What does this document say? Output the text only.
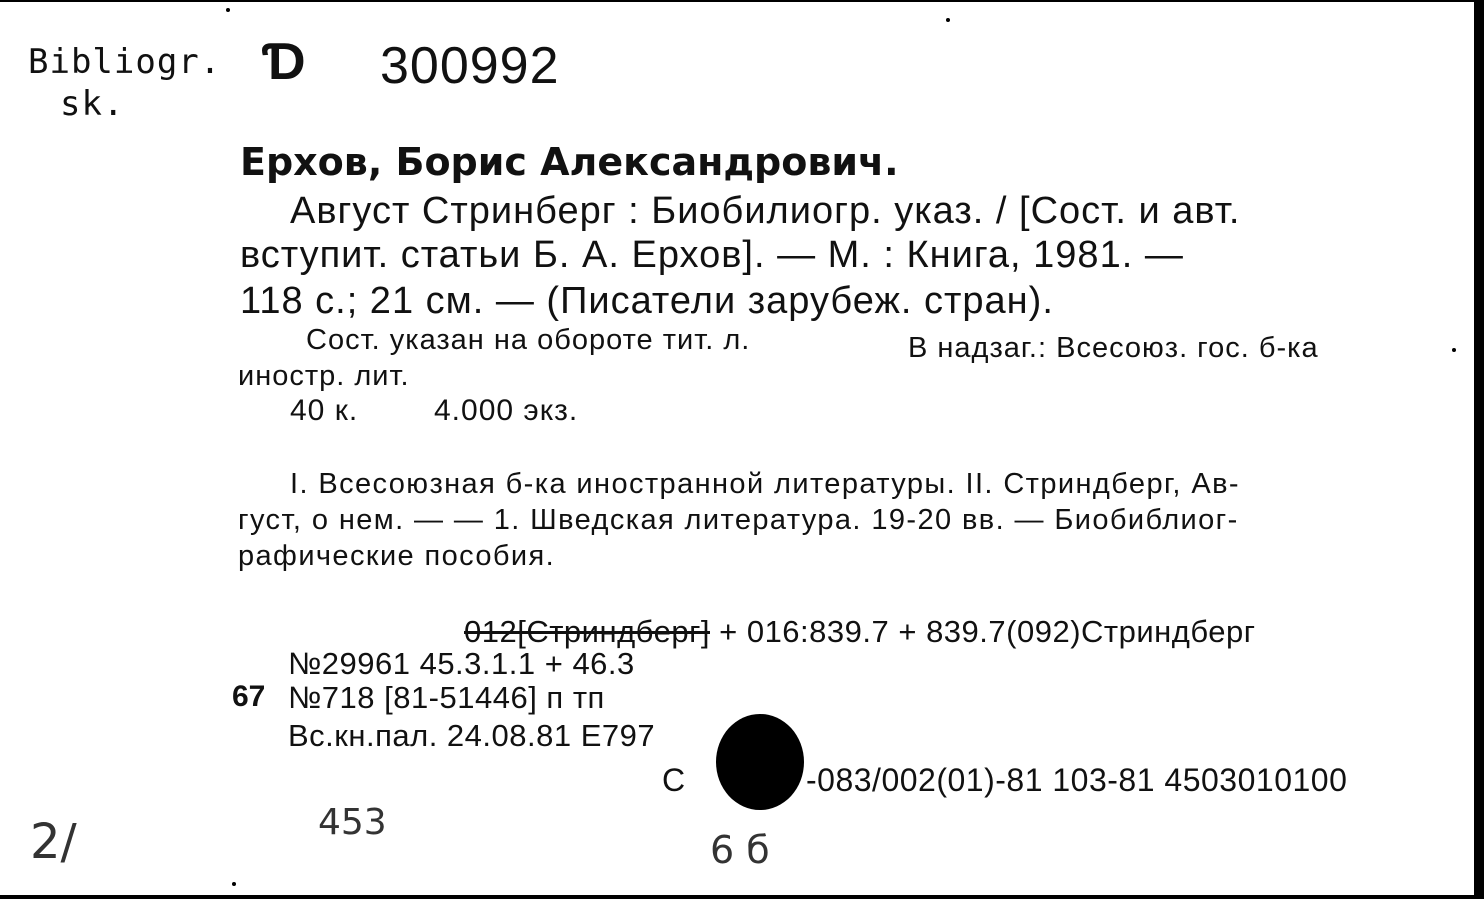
Bibliogr.
sk.
Ɗ 300992
Ерхов, Борис Александрович.
Август Стринберг : Биобилиогр. указ. / [Сост. и авт.
вступит. статьи Б. А. Ерхов]. — М. : Книга, 1981. —
118 с.; 21 см. — (Писатели зарубеж. стран).
Сост. указан на обороте тит. л.	В надзаг.: Всесоюз. гос. б-ка
иностр. лит.
40 к.	4.000 экз.
I. Всесоюзная б-ка иностранной литературы. II. Стриндберг, Ав-
густ, о нем. — — 1. Шведская литература. 19-20 вв. — Биобиблиог-
рафические пособия.
012[Стриндберг] + 016:839.7 + 839.7(092)Стриндберг
№29961 45.3.1.1 + 46.3
67 №718 [81-51446] п тп
Вс.кн.пал. 24.08.81 Е797
С	-083/002(01)-81 103-81 4503010100
2/	453
6 б
